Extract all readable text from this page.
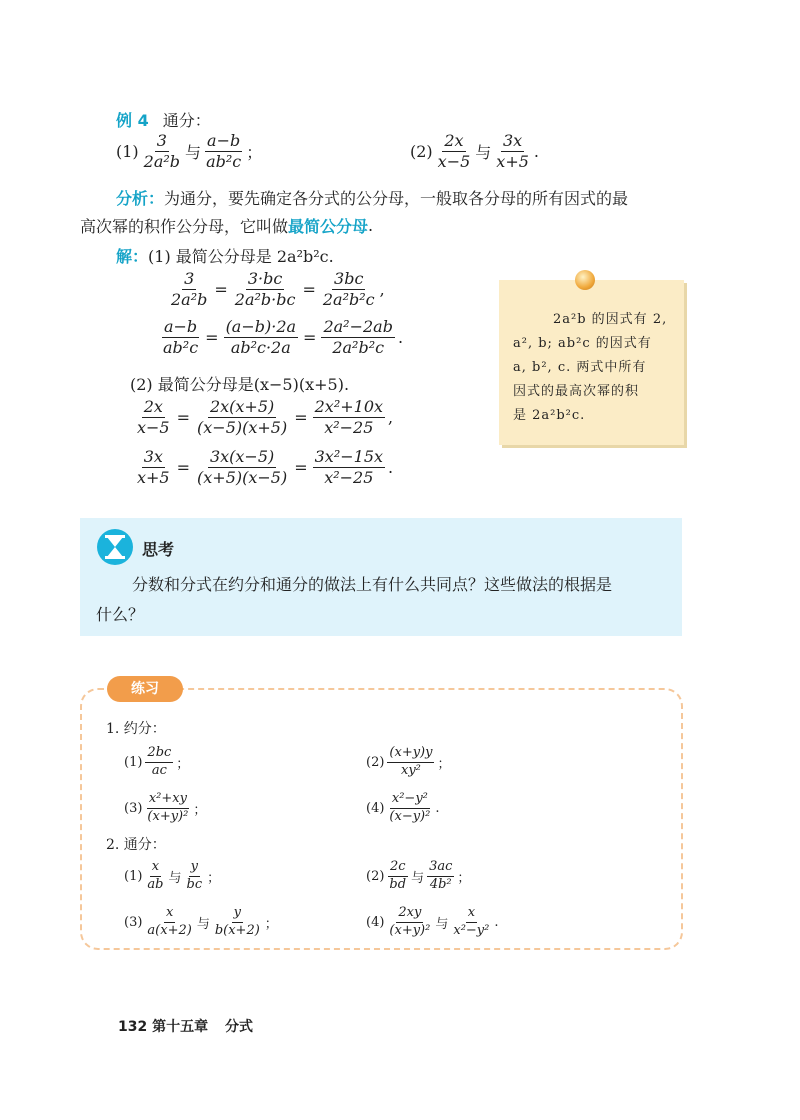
例 4 通分：
$(1) \frac{3}{\text{2a²b}}$ 与 $\frac{a-b}{\text{ab²c}}$ ；	$(2) \frac{2x}{x-5}$ 与 $\frac{3x}{x+5}$ .
分析： 为通分，要先确定各分式的公分母，一般取各分母的所有因式的最
高次幂的积作公分母，它叫做 最简公分母 .
解： (1) 最简公分母是 2a²b²c.
$\frac{3}{\text{2a²b}} = \frac{3\cdot bc}{\text{2a²b·bc}} = \frac{3bc}{\text{2a²b²c}}$ ,
$\frac{a-b}{\text{ab²c}} = \frac{(a-b)\cdot 2a}{\text{ab²c·2a}} = \frac{\text{2a²−2ab}}{\text{2a²b²c}}$ .
(2) 最简公分母是(x−5)(x+5).
$\frac{2x}{x-5} = \frac{2x(x+5)}{(x-5)(x+5)} = \frac{\text{2x²+10x}}{\text{x²−25}}$ ,
$\frac{3x}{x+5} = \frac{3x(x-5)}{(x+5)(x-5)} = \frac{\text{3x²−15x}}{\text{x²−25}}$ .
2a²b 的因式有 2,
a², b; ab²c 的因式有
a, b², c. 两式中所有
因式的最高次幂的积
是 2a²b²c.
思考
分数和分式在约分和通分的做法上有什么共同点？这些做法的根据是
什么？
练习
1. 约分：
$(1) \frac{2bc}{ac}$ ；	$(2) \frac{(x+y)y}{\text{xy²}}$ ；
$(3) \frac{\text{x²+xy}}{\text{(x+y)²}}$ ；	$(4) \frac{\text{x²−y²}}{\text{(x−y)²}}$ .
2. 通分：
$(1) \frac{x}{ab}$ 与 $\frac{y}{bc}$ ；	$(2) \frac{2c}{bd}$ 与 $\frac{3ac}{\text{4b²}}$ ；
$(3) \frac{x}{a(x+2)}$ 与 $\frac{y}{b(x+2)}$ ；	$(4) \frac{2xy}{\text{(x+y)²}}$ 与 $\frac{x}{\text{x²−y²}}$ .
132 第十五章 分式
